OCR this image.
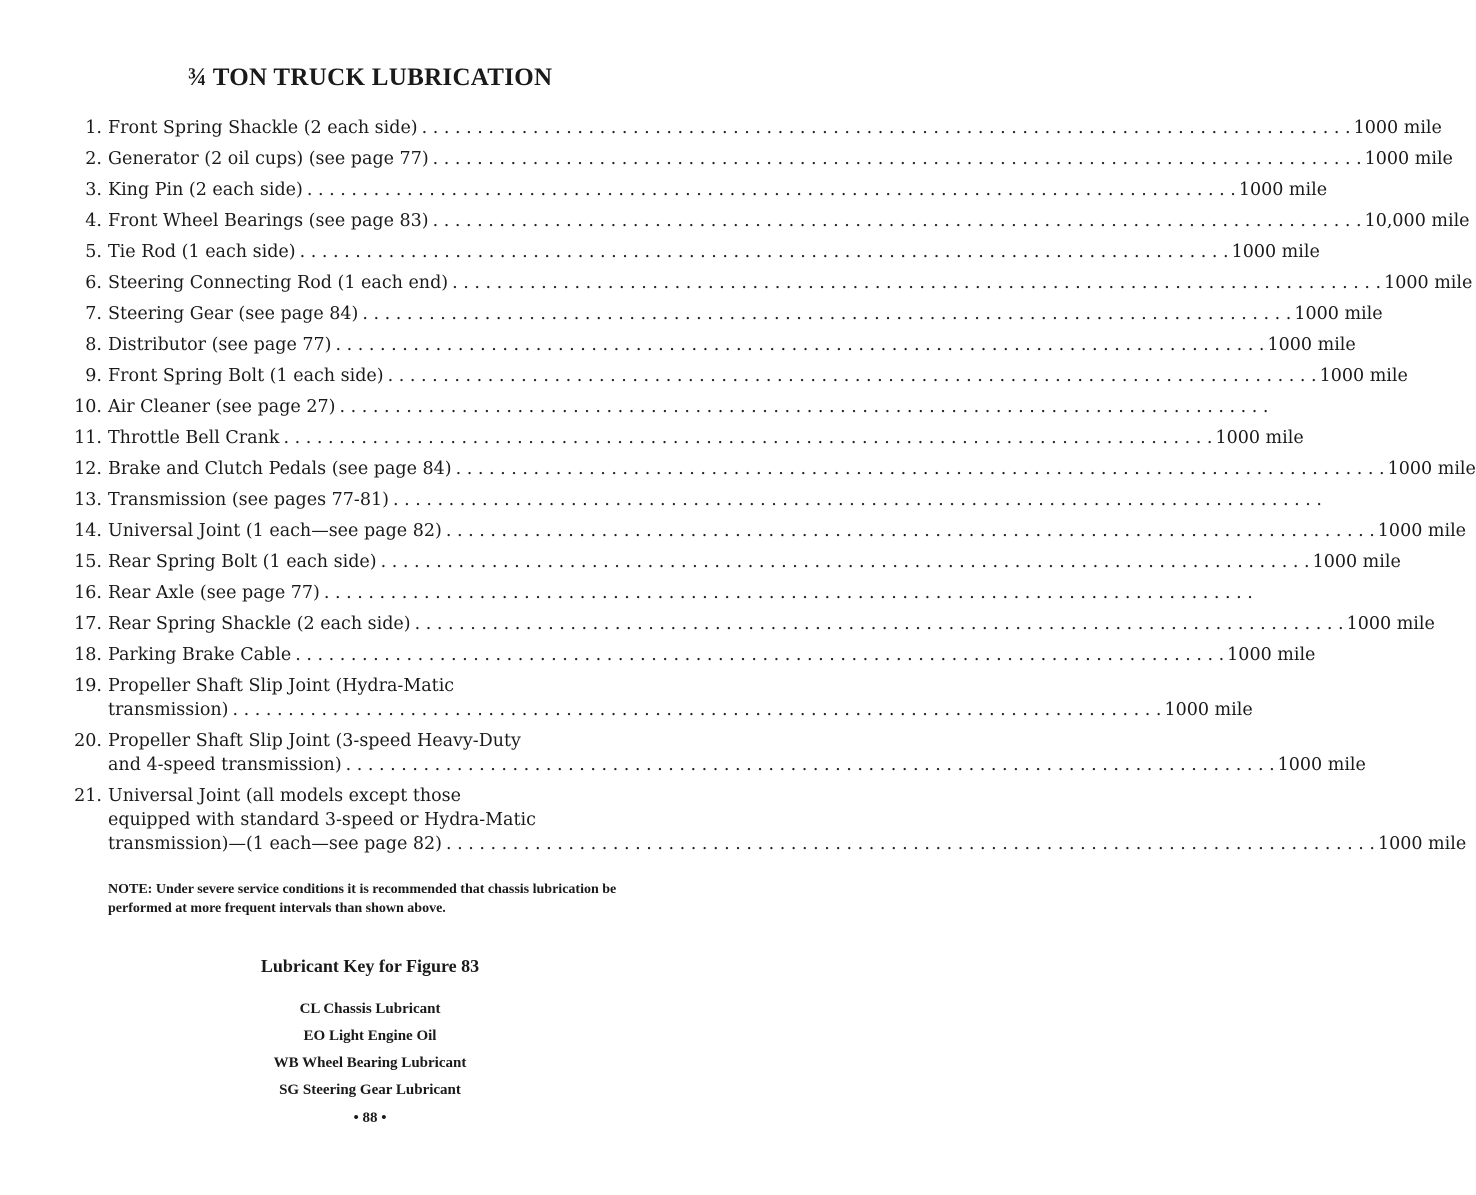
¾ TON TRUCK LUBRICATION
1. Front Spring Shackle (2 each side) . . .	1000 mile
2. Generator (2 oil cups) (see page 77) . . .	1000 mile
3. King Pin (2 each side) . . .	1000 mile
4. Front Wheel Bearings (see page 83) . . .	10,000 mile
5. Tie Rod (1 each side) . . .	1000 mile
6. Steering Connecting Rod (1 each end) . . .	1000 mile
7. Steering Gear (see page 84) . . .	1000 mile
8. Distributor (see page 77) . . .	1000 mile
9. Front Spring Bolt (1 each side) . . .	1000 mile
10. Air Cleaner (see page 27)
. . .
11. Throttle Bell Crank . . .	1000 mile
12. Brake and Clutch Pedals (see page 84) . . .	1000 mile
13. Transmission (see pages 77-81)
. . .
14. Universal Joint (1 each—see page 82) . . .	1000 mile
15. Rear Spring Bolt (1 each side) . . .	1000 mile
16. Rear Axle (see page 77)
. . .
17. Rear Spring Shackle (2 each side) . . .	1000 mile
18. Parking Brake Cable . . .	1000 mile
19. Propeller Shaft Slip Joint (Hydra-Matic
transmission) . . .	1000 mile
20. Propeller Shaft Slip Joint (3-speed Heavy-Duty
and 4-speed transmission) . . .	1000 mile
21. Universal Joint (all models except those
equipped with standard 3-speed or Hydra-Matic
transmission)—(1 each—see page 82) . . .	1000 mile
NOTE: Under severe service conditions it is recommended that chassis lubrication be performed at more frequent intervals than shown above.
Lubricant Key for Figure 83
CL Chassis Lubricant
EO Light Engine Oil
WB Wheel Bearing Lubricant
SG Steering Gear Lubricant
• 88 •
